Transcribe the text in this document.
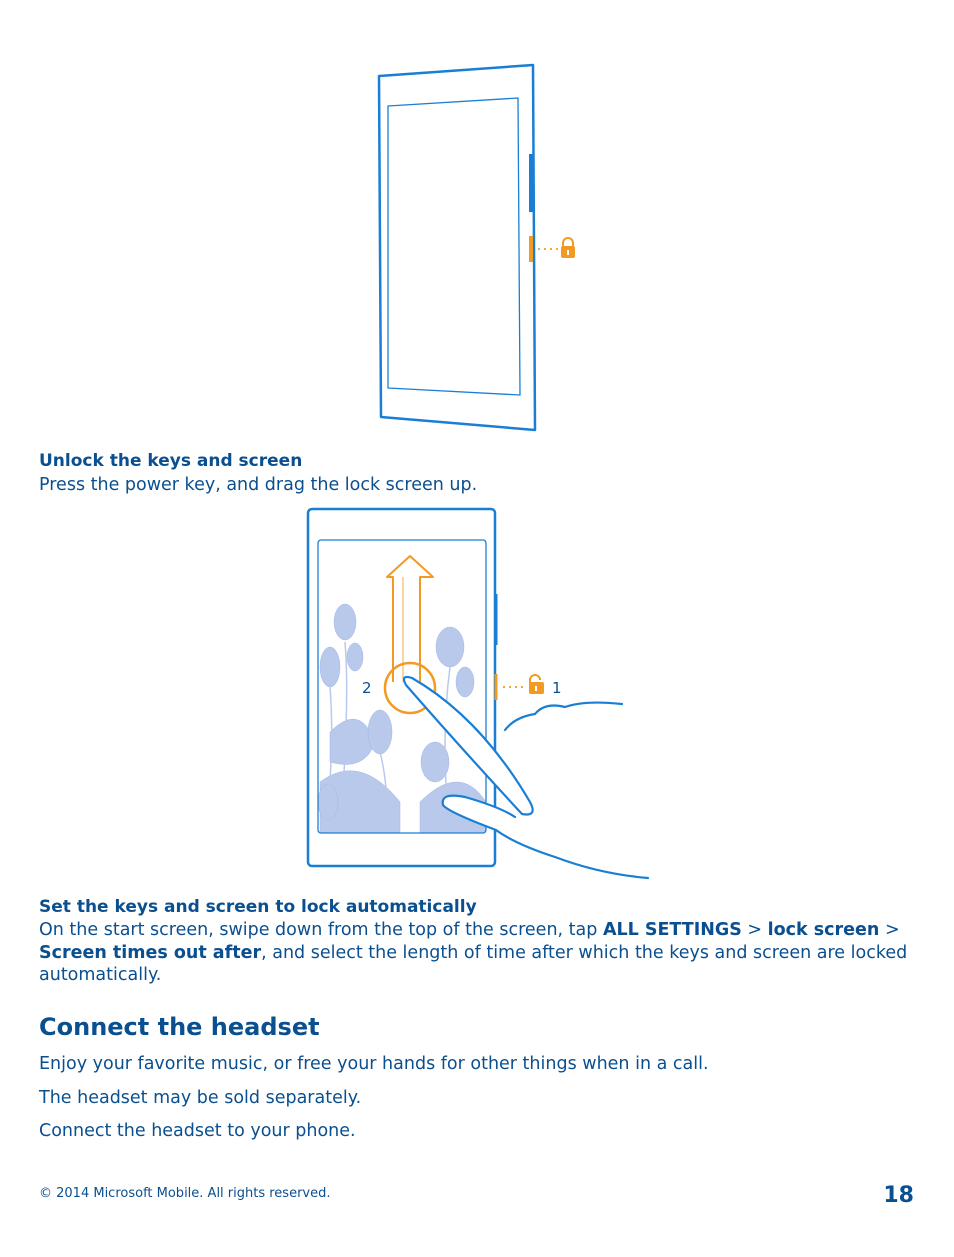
Unlock the keys and screen

Press the power key, and drag the lock screen up.

2	1
Set the keys and screen to lock automatically

On the start screen, swipe down from the top of the screen, tap ALL SETTINGS > lock screen > Screen times out after, and select the length of time after which the keys and screen are locked automatically.

Connect the headset

Enjoy your favorite music, or free your hands for other things when in a call.

The headset may be sold separately.

Connect the headset to your phone.

© 2014 Microsoft Mobile. All rights reserved.	18
